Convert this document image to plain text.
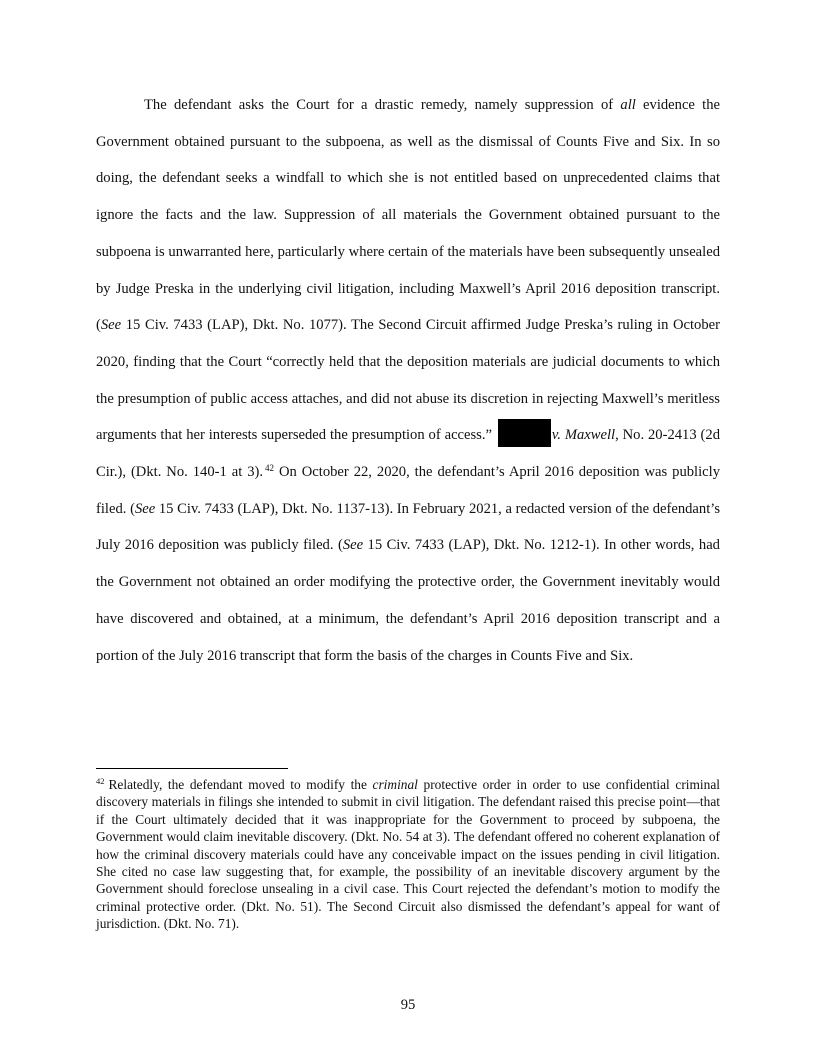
The defendant asks the Court for a drastic remedy, namely suppression of all evidence the Government obtained pursuant to the subpoena, as well as the dismissal of Counts Five and Six. In so doing, the defendant seeks a windfall to which she is not entitled based on unprecedented claims that ignore the facts and the law. Suppression of all materials the Government obtained pursuant to the subpoena is unwarranted here, particularly where certain of the materials have been subsequently unsealed by Judge Preska in the underlying civil litigation, including Maxwell’s April 2016 deposition transcript. (See 15 Civ. 7433 (LAP), Dkt. No. 1077). The Second Circuit affirmed Judge Preska’s ruling in October 2020, finding that the Court “correctly held that the deposition materials are judicial documents to which the presumption of public access attaches, and did not abuse its discretion in rejecting Maxwell’s meritless arguments that her interests superseded the presumption of access.”	v. Maxwell, No. 20-2413 (2d Cir.), (Dkt. No. 140-1 at 3). $^{42}$ On October 22, 2020, the defendant’s April 2016 deposition was publicly filed. (See 15 Civ. 7433 (LAP), Dkt. No. 1137-13). In February 2021, a redacted version of the defendant’s July 2016 deposition was publicly filed. (See 15 Civ. 7433 (LAP), Dkt. No. 1212-1). In other words, had the Government not obtained an order modifying the protective order, the Government inevitably would have discovered and obtained, at a minimum, the defendant’s April 2016 deposition transcript and a portion of the July 2016 transcript that form the basis of the charges in Counts Five and Six.

$^{42}$ Relatedly, the defendant moved to modify the criminal protective order in order to use confidential criminal discovery materials in filings she intended to submit in civil litigation. The defendant raised this precise point—that if the Court ultimately decided that it was inappropriate for the Government to proceed by subpoena, the Government would claim inevitable discovery. (Dkt. No. 54 at 3). The defendant offered no coherent explanation of how the criminal discovery materials could have any conceivable impact on the issues pending in civil litigation. She cited no case law suggesting that, for example, the possibility of an inevitable discovery argument by the Government should foreclose unsealing in a civil case. This Court rejected the defendant’s motion to modify the criminal protective order. (Dkt. No. 51). The Second Circuit also dismissed the defendant’s appeal for want of jurisdiction. (Dkt. No. 71).

95
